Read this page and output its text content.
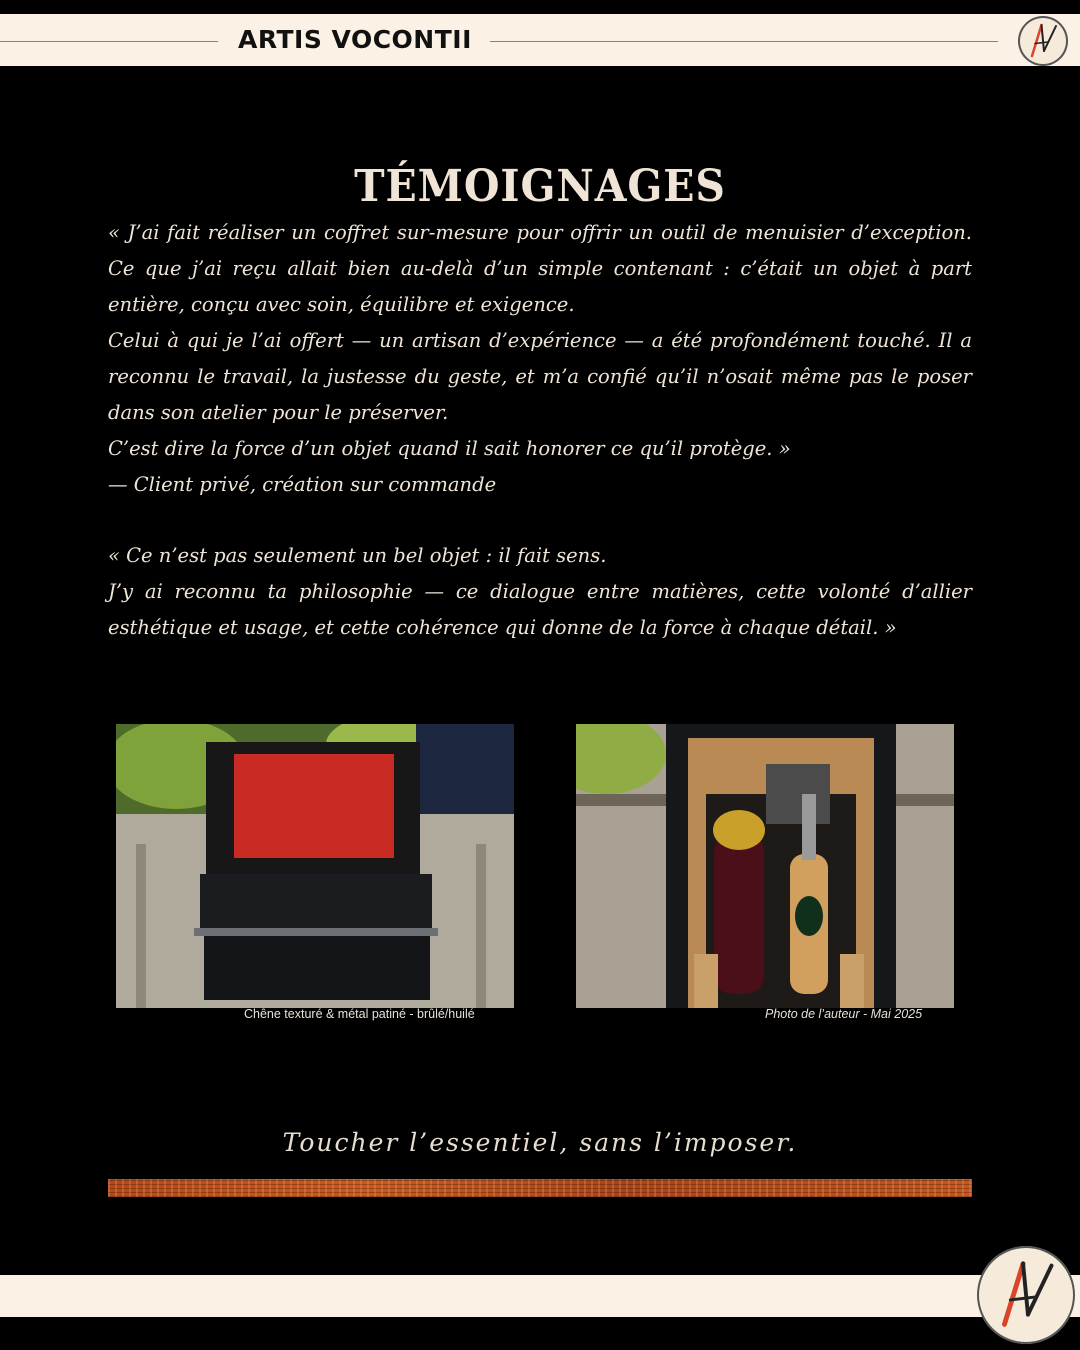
ARTIS VOCONTII
TÉMOIGNAGES

« J’ai fait réaliser un coffret sur-mesure pour offrir un outil de menuisier d’exception. Ce que j’ai reçu allait bien au-delà d’un simple contenant : c’était un objet à part entière, conçu avec soin, équilibre et exigence.

Celui à qui je l’ai offert — un artisan d’expérience — a été profondément touché. Il a reconnu le travail, la justesse du geste, et m’a confié qu’il n’osait même pas le poser dans son atelier pour le préserver.

C’est dire la force d’un objet quand il sait honorer ce qu’il protège. »

— Client privé, création sur commande

« Ce n’est pas seulement un bel objet : il fait sens.

J’y ai reconnu ta philosophie — ce dialogue entre matières, cette volonté d’allier esthétique et usage, et cette cohérence qui donne de la force à chaque détail. »

Chêne texturé & métal patiné - brûlé/huilé	Photo de l’auteur - Mai 2025
Toucher l’essentiel, sans l’imposer.
